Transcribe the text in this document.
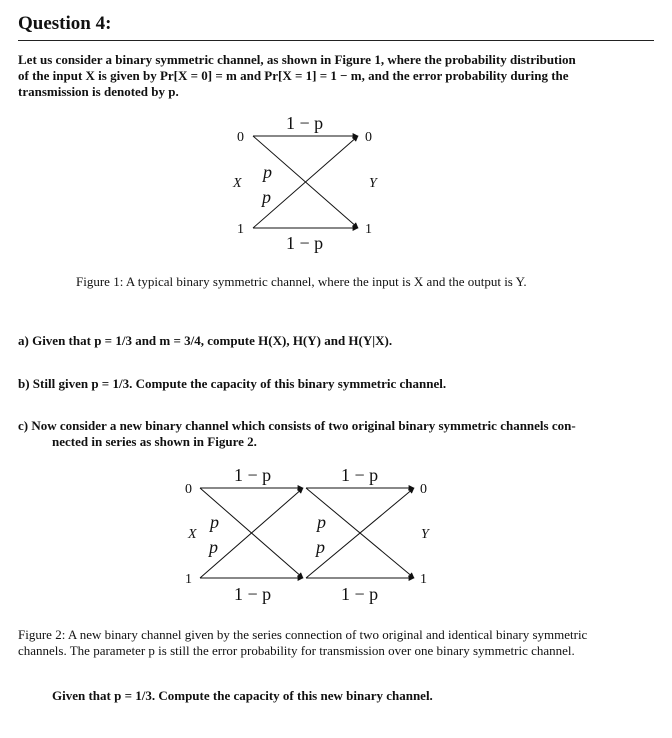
Question 4:
Let us consider a binary symmetric channel, as shown in Figure 1, where the probability distribution
of the input X is given by Pr[X = 0] = m and Pr[X = 1] = 1 − m, and the error probability during the
transmission is denoted by p.
0
1
0
1
X	Y
1 − p
1 − p
p
p
0
1
0
1
X	Y
1 − p	1 − p
1 − p	1 − p
p
p
p
p
Figure 1: A typical binary symmetric channel, where the input is X and the output is Y.
a) Given that p = 1/3 and m = 3/4, compute H(X), H(Y) and H(Y|X).
b) Still given p = 1/3. Compute the capacity of this binary symmetric channel.
c) Now consider a new binary channel which consists of two original binary symmetric channels con-
nected in series as shown in Figure 2.
Figure 2: A new binary channel given by the series connection of two original and identical binary symmetric
channels. The parameter p is still the error probability for transmission over one binary symmetric channel.
Given that p = 1/3. Compute the capacity of this new binary channel.
